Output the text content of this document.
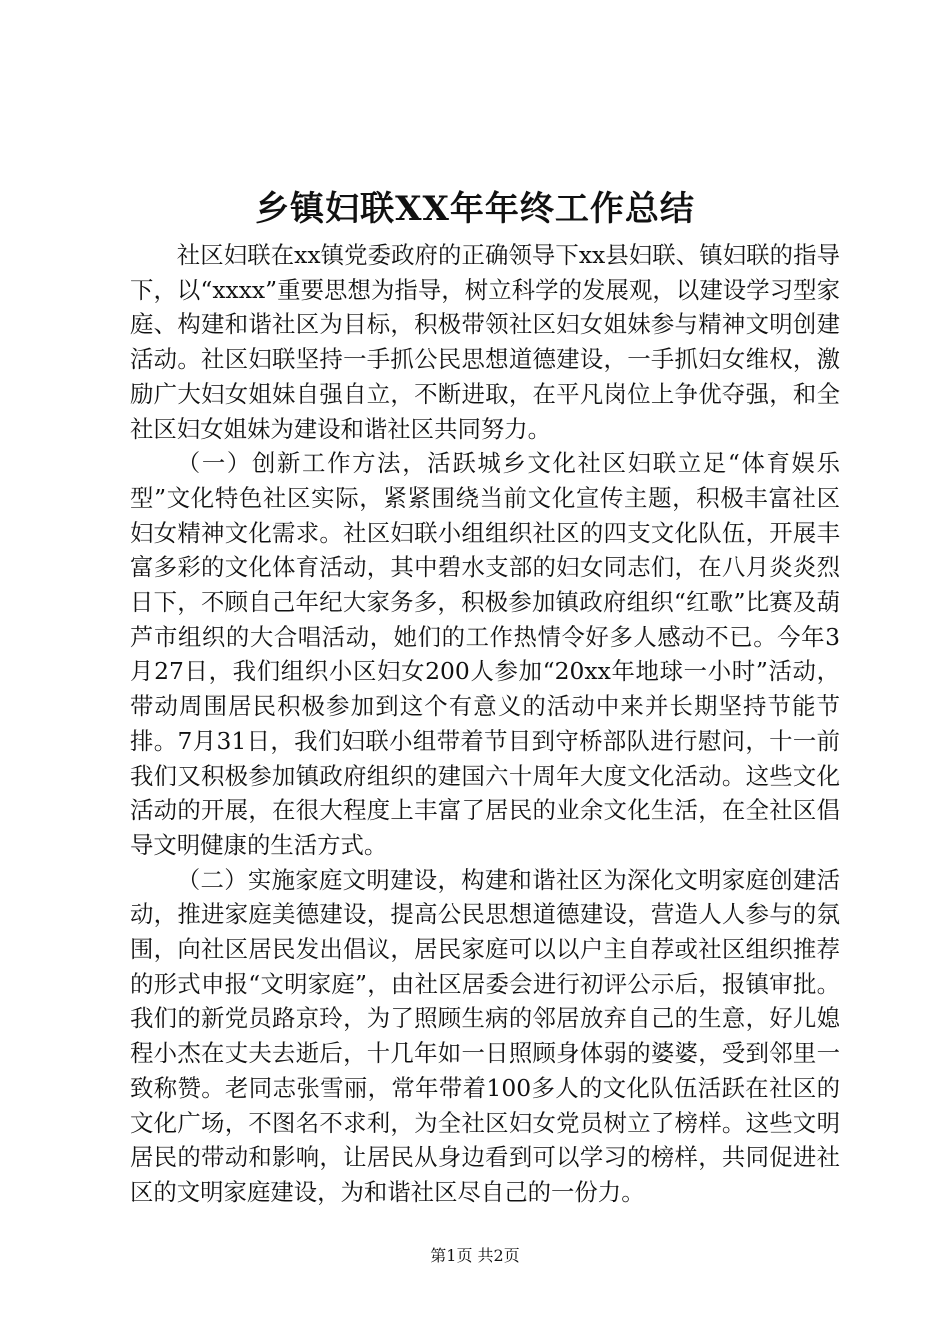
乡镇妇联XX年年终工作总结

社区妇联在xx镇党委政府的正确领导下xx县妇联、镇妇联的指导下，以“xxxx”重要思想为指导，树立科学的发展观，以建设学习型家庭、构建和谐社区为目标，积极带领社区妇女姐妹参与精神文明创建活动。社区妇联坚持一手抓公民思想道德建设，一手抓妇女维权，激励广大妇女姐妹自强自立，不断进取，在平凡岗位上争优夺强，和全社区妇女姐妹为建设和谐社区共同努力。

（一）创新工作方法，活跃城乡文化社区妇联立足“体育娱乐型”文化特色社区实际，紧紧围绕当前文化宣传主题，积极丰富社区妇女精神文化需求。社区妇联小组组织社区的四支文化队伍，开展丰富多彩的文化体育活动，其中碧水支部的妇女同志们，在八月炎炎烈日下，不顾自己年纪大家务多，积极参加镇政府组织“红歌”比赛及葫芦市组织的大合唱活动，她们的工作热情令好多人感动不已。今年3月27日，我们组织小区妇女200人参加“20xx年地球一小时”活动，带动周围居民积极参加到这个有意义的活动中来并长期坚持节能节排。7月31日，我们妇联小组带着节目到守桥部队进行慰问，十一前我们又积极参加镇政府组织的建国六十周年大度文化活动。这些文化活动的开展，在很大程度上丰富了居民的业余文化生活，在全社区倡导文明健康的生活方式。

（二）实施家庭文明建设，构建和谐社区为深化文明家庭创建活动，推进家庭美德建设，提高公民思想道德建设，营造人人参与的氛围，向社区居民发出倡议，居民家庭可以以户主自荐或社区组织推荐的形式申报“文明家庭”，由社区居委会进行初评公示后，报镇审批。我们的新党员路京玲，为了照顾生病的邻居放弃自己的生意，好儿媳程小杰在丈夫去逝后，十几年如一日照顾身体弱的婆婆，受到邻里一致称赞。老同志张雪丽，常年带着100多人的文化队伍活跃在社区的文化广场，不图名不求利，为全社区妇女党员树立了榜样。这些文明居民的带动和影响，让居民从身边看到可以学习的榜样，共同促进社区的文明家庭建设，为和谐社区尽自己的一份力。

第1页 共2页
